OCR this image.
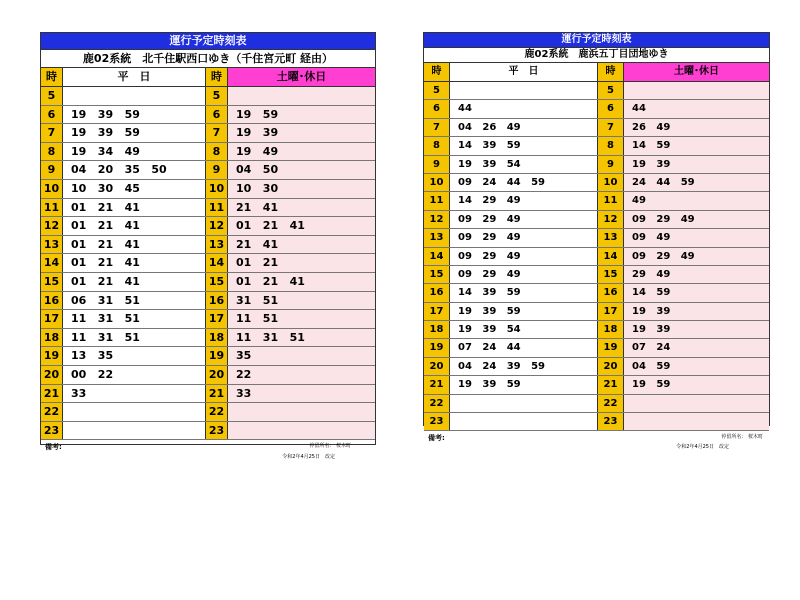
運行予定時刻表
鹿02系統　北千住駅西口ゆき（千住宮元町 経由）
時	平　日	時	土曜･休日
5	5
6	19   39   59	6	19   59
7	19   39   59	7	19   39
8	19   34   49	8	19   49
9	04   20   35   50	9	04   50
10	10   30   45	10	10   30
11	01   21   41	11	21   41
12	01   21   41	12	01   21   41
13	01   21   41	13	21   41
14	01   21   41	14	01   21
15	01   21   41	15	01   21   41
16	06   31   51	16	31   51
17	11   31   51	17	11   51
18	11   31   51	18	11   31   51
19	13   35	19	35
20	00   22	20	22
21	33	21	33
22	22
23	23
備考:	停留所名:　桜木町
令和2年4月25日　改定
運行予定時刻表
鹿02系統　鹿浜五丁目団地ゆき
時	平　日	時	土曜･休日
5	5
6	44	6	44
7	04   26   49	7	26   49
8	14   39   59	8	14   59
9	19   39   54	9	19   39
10	09   24   44   59	10	24   44   59
11	14   29   49	11	49
12	09   29   49	12	09   29   49
13	09   29   49	13	09   49
14	09   29   49	14	09   29   49
15	09   29   49	15	29   49
16	14   39   59	16	14   59
17	19   39   59	17	19   39
18	19   39   54	18	19   39
19	07   24   44	19	07   24
20	04   24   39   59	20	04   59
21	19   39   59	21	19   59
22	22
23	23
備考:	停留所名:　桜木町
令和2年4月25日　改定
